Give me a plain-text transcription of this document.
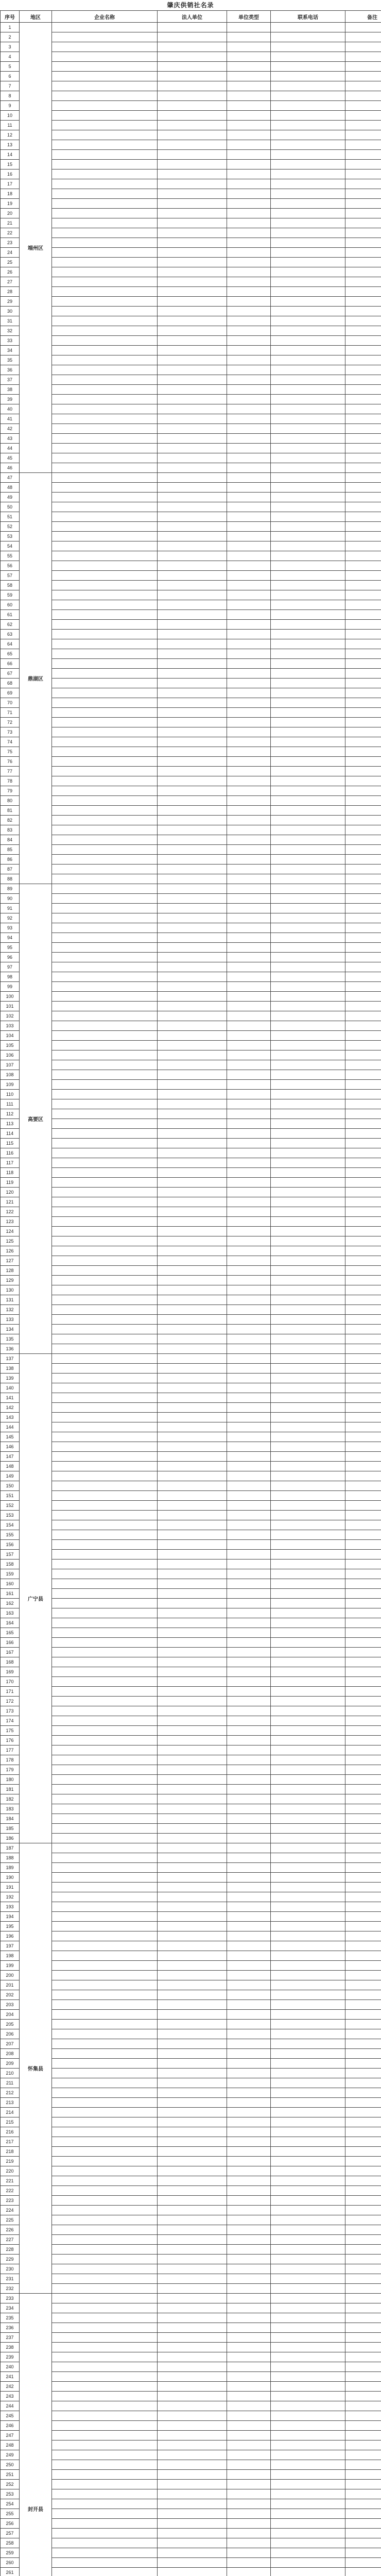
肇庆供销社名录
序号	地区	企业名称	法人单位	单位类型	联系电话	备注
1	端州区					
2						
3						
4						
5						
6						
7						
8						
9						
10						
11						
12						
13						
14						
15						
16						
17						
18						
19						
20						
21						
22						
23						
24						
25						
26						
27						
28						
29						
30						
31						
32						
33						
34						
35						
36						
37						
38						
39						
40						
41						
42						
43						
44						
45						
46						
47	鼎湖区					
48						
49						
50						
51						
52						
53						
54						
55						
56						
57						
58						
59						
60						
61						
62						
63						
64						
65						
66						
67						
68						
69						
70						
71						
72						
73						
74						
75						
76						
77						
78						
79						
80						
81						
82						
83						
84						
85						
86						
87						
88						
89	高要区					
90						
91						
92						
93						
94						
95						
96						
97						
98						
99						
100						
101						
102						
103						
104						
105						
106						
107						
108						
109						
110						
111						
112						
113						
114						
115						
116						
117						
118						
119						
120						
121						
122						
123						
124						
125						
126						
127						
128						
129						
130						
131						
132						
133						
134						
135						
136						
137	广宁县					
138						
139						
140						
141						
142						
143						
144						
145						
146						
147						
148						
149						
150						
151						
152						
153						
154						
155						
156						
157						
158						
159						
160						
161						
162						
163						
164						
165						
166						
167						
168						
169						
170						
171						
172						
173						
174						
175						
176						
177						
178						
179						
180						
181						
182						
183						
184						
185						
186						
187	怀集县					
188						
189						
190						
191						
192						
193						
194						
195						
196						
197						
198						
199						
200						
201						
202						
203						
204						
205						
206						
207						
208						
209						
210						
211						
212						
213						
214						
215						
216						
217						
218						
219						
220						
221						
222						
223						
224						
225						
226						
227						
228						
229						
230						
231						
232						
233	封开县					
234						
235						
236						
237						
238						
239						
240						
241						
242						
243						
244						
245						
246						
247						
248						
249						
250						
251						
252						
253						
254						
255						
256						
257						
258						
259						
260						
261						
